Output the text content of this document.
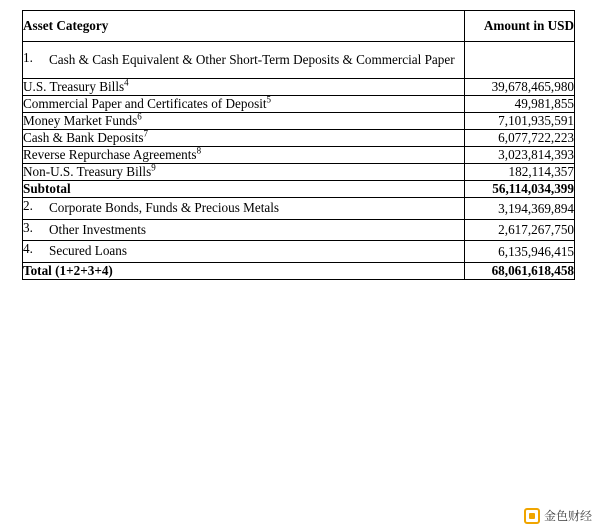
Asset Category	Amount in USD

1. Cash & Cash Equivalent & Other Short-Term Deposits & Commercial Paper	

U.S. Treasury Bills$^4$	39,678,465,980
Commercial Paper and Certificates of Deposit$^5$	49,981,855
Money Market Funds$^6$	7,101,935,591
Cash & Bank Deposits$^7$	6,077,722,223
Reverse Repurchase Agreements$^8$	3,023,814,393
Non-U.S. Treasury Bills$^9$	182,114,357
Subtotal	56,114,034,399

2. Corporate Bonds, Funds & Precious Metals	3,194,369,894

3. Other Investments	2,617,267,750

4. Secured Loans	6,135,946,415
Total (1+2+3+4)	68,061,618,458
金色财经
